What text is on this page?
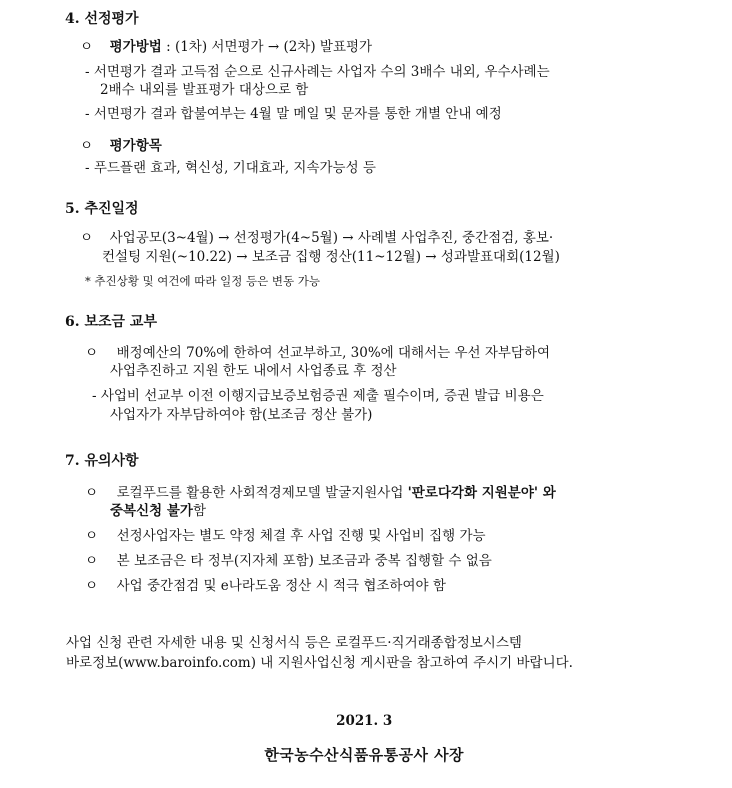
4. 선정평가
ㅇ 평가방법 : (1차) 서면평가 → (2차) 발표평가
- 서면평가 결과 고득점 순으로 신규사례는 사업자 수의 3배수 내외, 우수사례는
2배수 내외를 발표평가 대상으로 함
- 서면평가 결과 합불여부는 4월 말 메일 및 문자를 통한 개별 안내 예정
ㅇ 평가항목
- 푸드플랜 효과, 혁신성, 기대효과, 지속가능성 등
5. 추진일정
ㅇ 사업공모(3~4월) → 선정평가(4~5월) → 사례별 사업추진, 중간점검, 홍보·
컨설팅 지원(~10.22) → 보조금 집행 정산(11~12월) → 성과발표대회(12월)
* 추진상황 및 여건에 따라 일정 등은 변동 가능
6. 보조금 교부
ㅇ 배정예산의 70%에 한하여 선교부하고, 30%에 대해서는 우선 자부담하여
사업추진하고 지원 한도 내에서 사업종료 후 정산
- 사업비 선교부 이전 이행지급보증보험증권 제출 필수이며, 증권 발급 비용은
사업자가 자부담하여야 함(보조금 정산 불가)
7. 유의사항
ㅇ 로컬푸드를 활용한 사회적경제모델 발굴지원사업 '판로다각화 지원분야' 와
중복신청 불가함
ㅇ 선정사업자는 별도 약정 체결 후 사업 진행 및 사업비 집행 가능
ㅇ 본 보조금은 타 정부(지자체 포함) 보조금과 중복 집행할 수 없음
ㅇ 사업 중간점검 및 e나라도움 정산 시 적극 협조하여야 함
사업 신청 관련 자세한 내용 및 신청서식 등은 로컬푸드·직거래종합정보시스템
바로정보(www.baroinfo.com) 내 지원사업신청 게시판을 참고하여 주시기 바랍니다.
2021. 3
한국농수산식품유통공사 사장
